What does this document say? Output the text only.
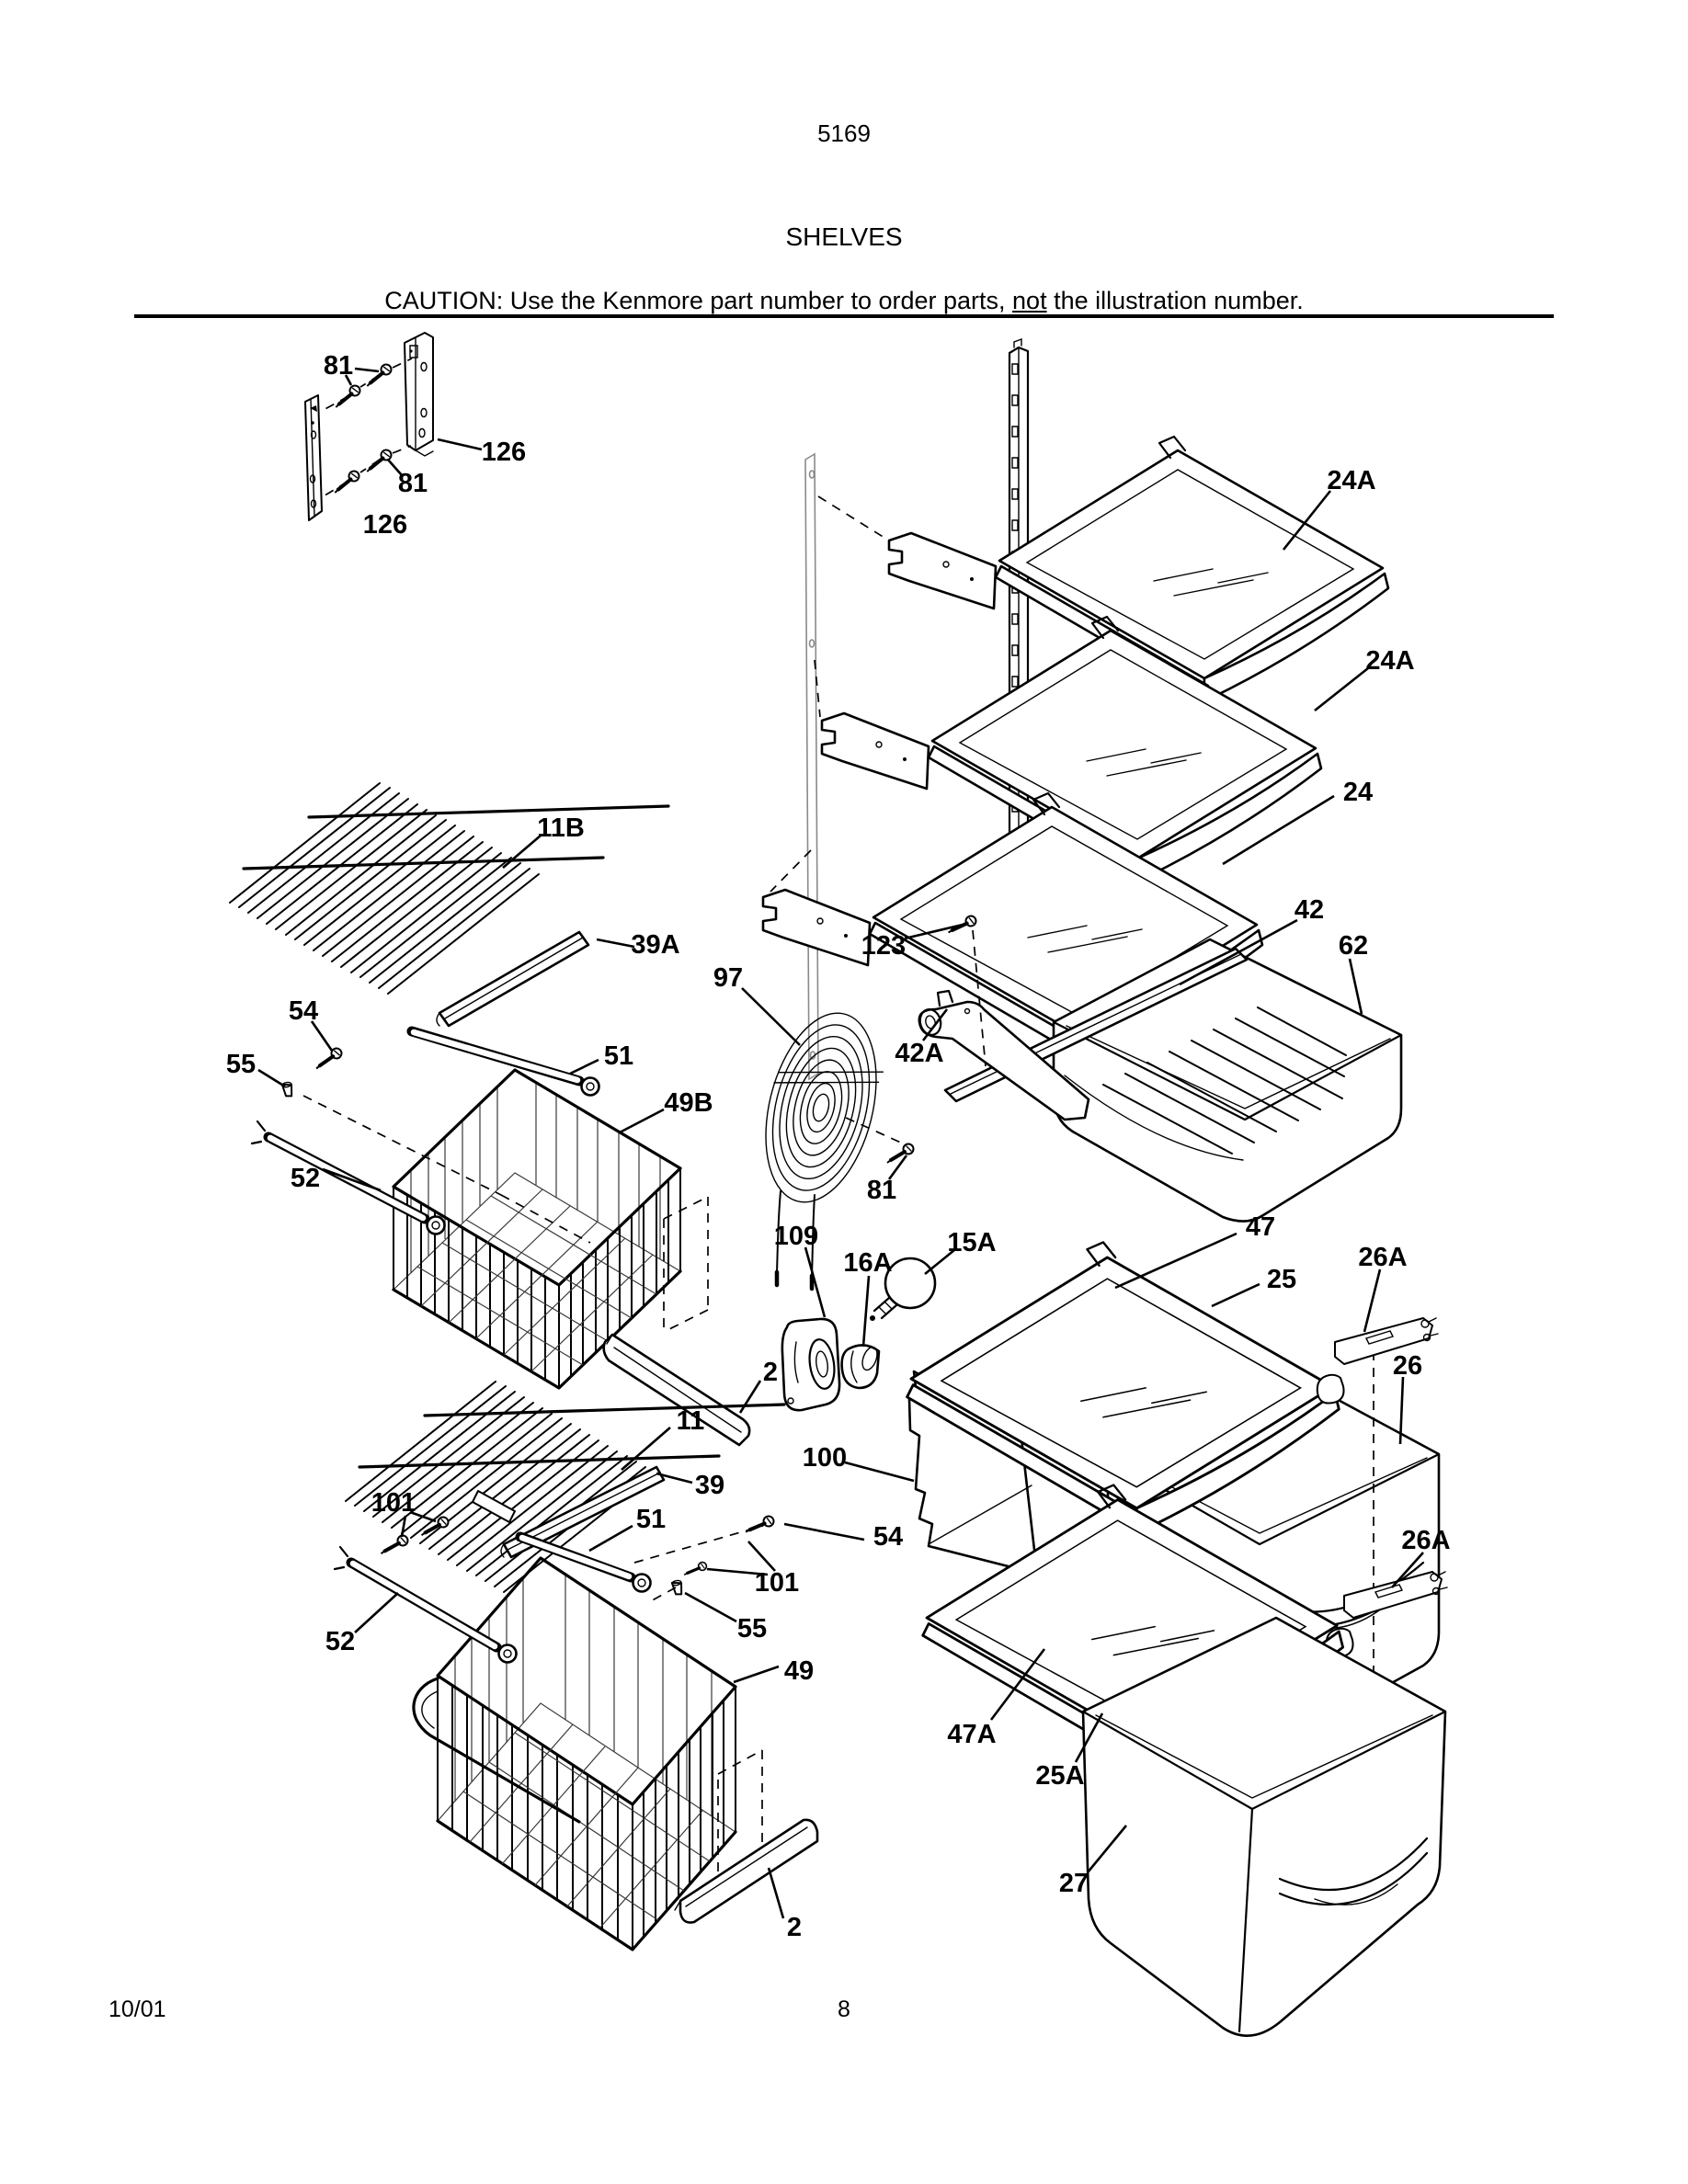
5169
SHELVES
CAUTION: Use the Kenmore part number to order parts, not the illustration number.
81
126
81
126
24A
24A
24
42
62
123
97
42A
11B
39A
54
55	51
49B
52	81
109
16A
15A
47
25
26A
2	26
11
100
39
101
51
54
101
26A
55
52
49
47A
25A
2
27
10/01	8
